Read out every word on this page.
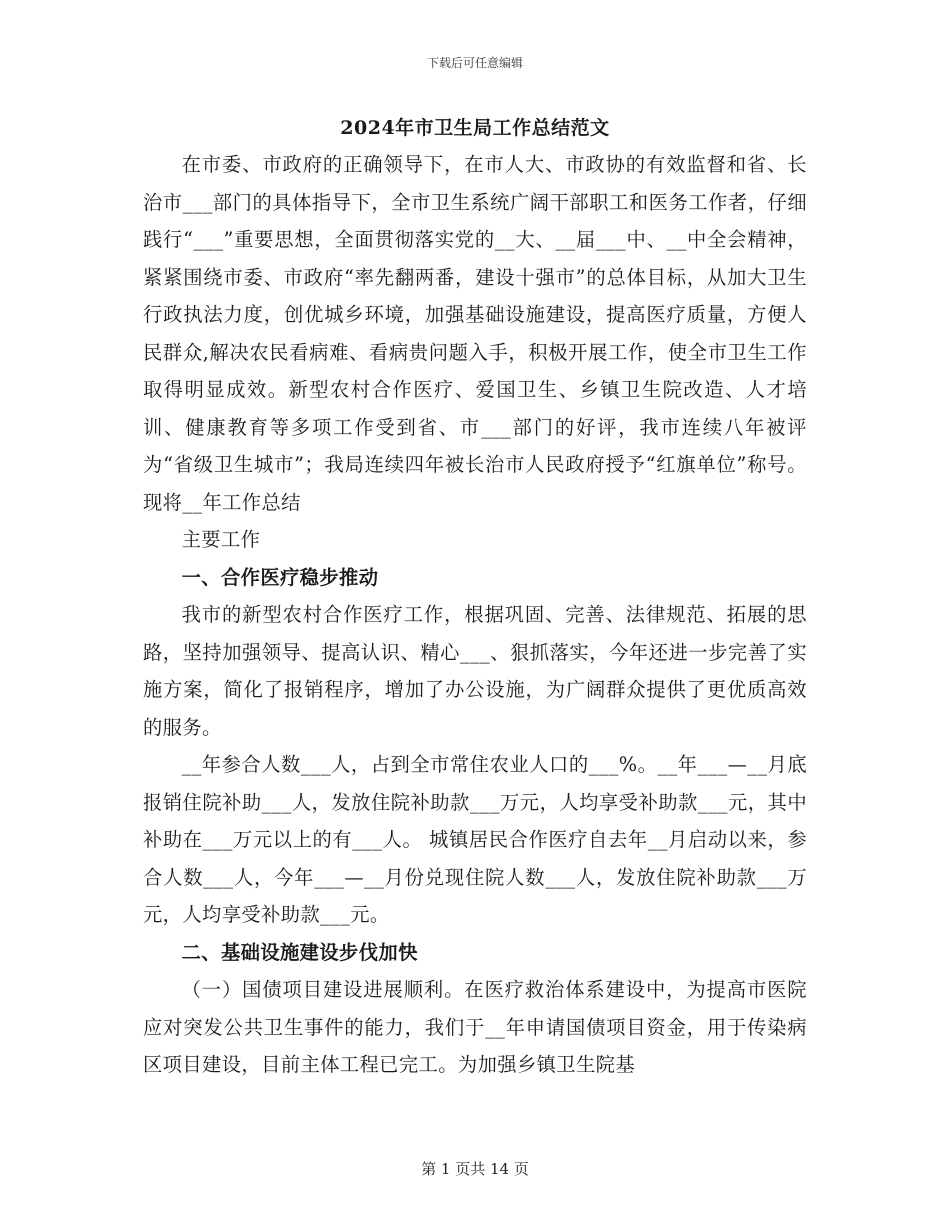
下载后可任意编辑

2024年市卫生局工作总结范文

在市委、市政府的正确领导下，在市人大、市政协的有效监督和省、长治市___部门的具体指导下，全市卫生系统广阔干部职工和医务工作者，仔细践行“___”重要思想，全面贯彻落实党的__大、__届___中、__中全会精神，紧紧围绕市委、市政府“率先翻两番，建设十强市”的总体目标，从加大卫生行政执法力度，创优城乡环境，加强基础设施建设，提高医疗质量，方便人民群众,解决农民看病难、看病贵问题入手，积极开展工作，使全市卫生工作取得明显成效。新型农村合作医疗、爱国卫生、乡镇卫生院改造、人才培训、健康教育等多项工作受到省、市___部门的好评，我市连续八年被评为“省级卫生城市”；我局连续四年被长治市人民政府授予“红旗单位”称号。现将__年工作总结

主要工作

一、合作医疗稳步推动

我市的新型农村合作医疗工作，根据巩固、完善、法律规范、拓展的思路，坚持加强领导、提高认识、精心___、狠抓落实，今年还进一步完善了实施方案，简化了报销程序，增加了办公设施，为广阔群众提供了更优质高效的服务。

__年参合人数___人，占到全市常住农业人口的___%。__年___—__月底报销住院补助___人，发放住院补助款___万元，人均享受补助款___元，其中补助在___万元以上的有___人。 城镇居民合作医疗自去年__月启动以来，参合人数___人，今年___—__月份兑现住院人数___人，发放住院补助款___万元，人均享受补助款___元。

二、基础设施建设步伐加快

（一）国债项目建设进展顺利。在医疗救治体系建设中，为提高市医院应对突发公共卫生事件的能力，我们于__年申请国债项目资金，用于传染病区项目建设，目前主体工程已完工。为加强乡镇卫生院基

第 1 页共 14 页
